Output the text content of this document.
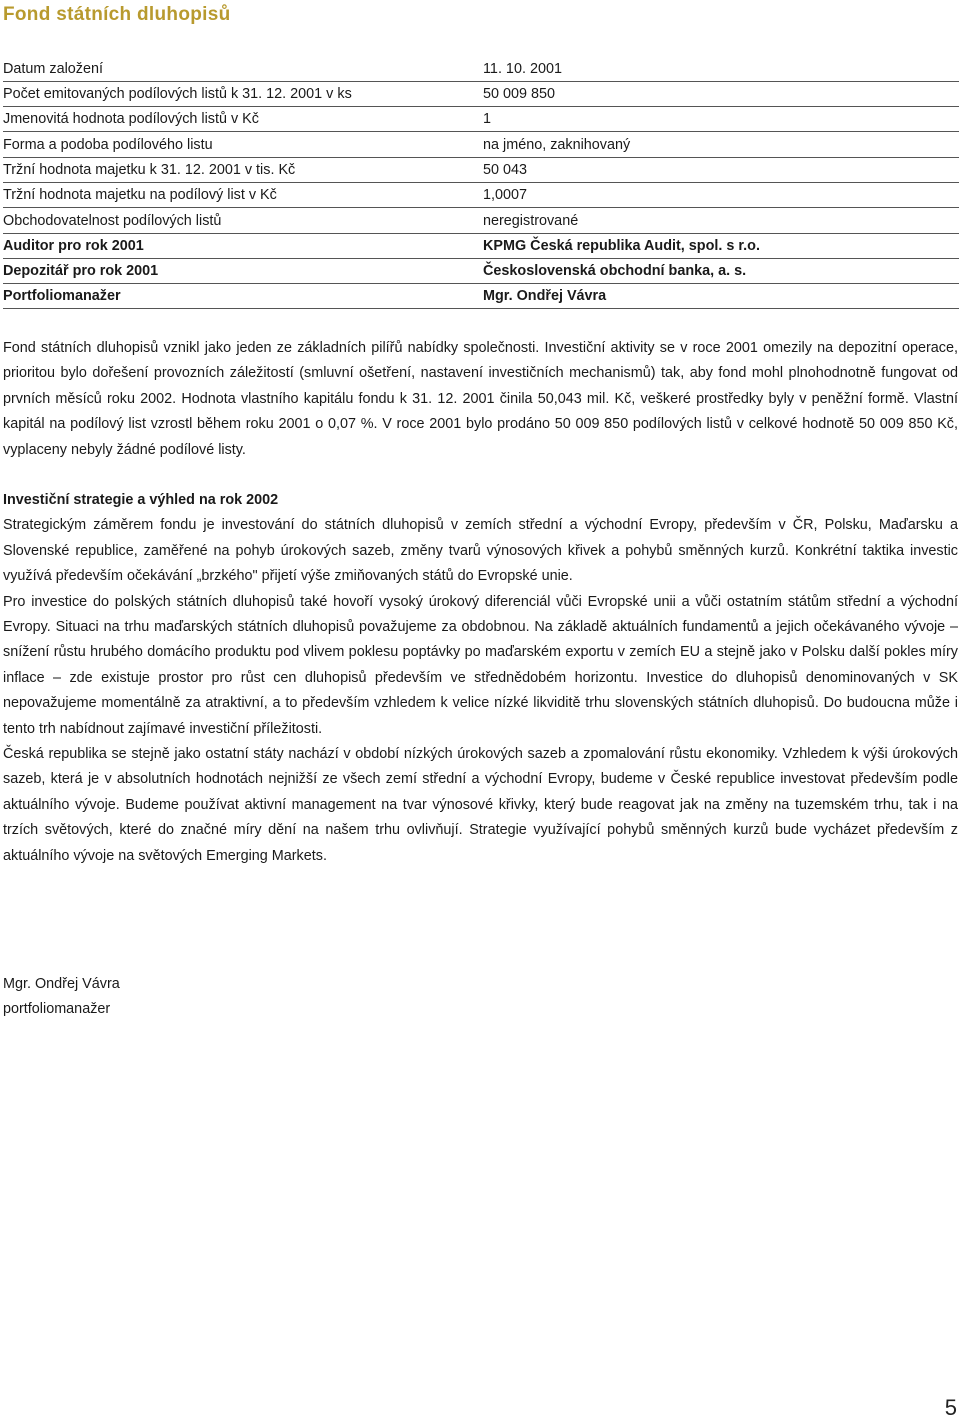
Fond státních dluhopisů
Datum založení	11. 10. 2001
Počet emitovaných podílových listů k 31. 12. 2001 v ks	50 009 850
Jmenovitá hodnota podílových listů v Kč	1
Forma a podoba podílového listu	na jméno, zaknihovaný
Tržní hodnota majetku k 31. 12. 2001 v tis. Kč	50 043
Tržní hodnota majetku na podílový list v Kč	1,0007
Obchodovatelnost podílových listů	neregistrované
Auditor pro rok 2001	KPMG Česká republika Audit, spol. s r.o.
Depozitář pro rok 2001	Československá obchodní banka, a. s.
Portfoliomanažer	Mgr. Ondřej Vávra

Fond státních dluhopisů vznikl jako jeden ze základních pilířů nabídky společnosti. Investiční aktivity se v roce 2001 omezily na depozitní operace, prioritou bylo dořešení provozních záležitostí (smluvní ošetření, nastavení investičních mechanismů) tak, aby fond mohl plnohodnotně fungovat od prvních měsíců roku 2002. Hodnota vlastního kapitálu fondu k 31. 12. 2001 činila 50,043 mil. Kč, veškeré prostředky byly v peněžní formě. Vlastní kapitál na podílový list vzrostl během roku 2001 o 0,07 %. V roce 2001 bylo prodáno 50 009 850 podílových listů v celkové hodnotě 50 009 850 Kč, vyplaceny nebyly žádné podílové listy.

Investiční strategie a výhled na rok 2002

Strategickým záměrem fondu je investování do státních dluhopisů v zemích střední a východní Evropy, především v ČR, Polsku, Maďarsku a Slovenské republice, zaměřené na pohyb úrokových sazeb, změny tvarů výnosových křivek a pohybů směnných kurzů. Konkrétní taktika investic využívá především očekávání „brzkého" přijetí výše zmiňovaných států do Evropské unie.

Pro investice do polských státních dluhopisů také hovoří vysoký úrokový diferenciál vůči Evropské unii a vůči ostatním státům střední a východní Evropy. Situaci na trhu maďarských státních dluhopisů považujeme za obdobnou. Na základě aktuálních fundamentů a jejich očekávaného vývoje – snížení růstu hrubého domácího produktu pod vlivem poklesu poptávky po maďarském exportu v zemích EU a stejně jako v Polsku další pokles míry inflace – zde existuje prostor pro růst cen dluhopisů především ve střednědobém horizontu. Investice do dluhopisů denominovaných v SK nepovažujeme momentálně za atraktivní, a to především vzhledem k velice nízké likviditě trhu slovenských státních dluhopisů. Do budoucna může i tento trh nabídnout zajímavé investiční příležitosti.

Česká republika se stejně jako ostatní státy nachází v období nízkých úrokových sazeb a zpomalování růstu ekonomiky. Vzhledem k výši úrokových sazeb, která je v absolutních hodnotách nejnižší ze všech zemí střední a východní Evropy, budeme v České republice investovat především podle aktuálního vývoje. Budeme používat aktivní management na tvar výnosové křivky, který bude reagovat jak na změny na tuzemském trhu, tak i na trzích světových, které do značné míry dění na našem trhu ovlivňují. Strategie využívající pohybů směnných kurzů bude vycházet především z aktuálního vývoje na světových Emerging Markets.

Mgr. Ondřej Vávra
portfoliomanažer
5
